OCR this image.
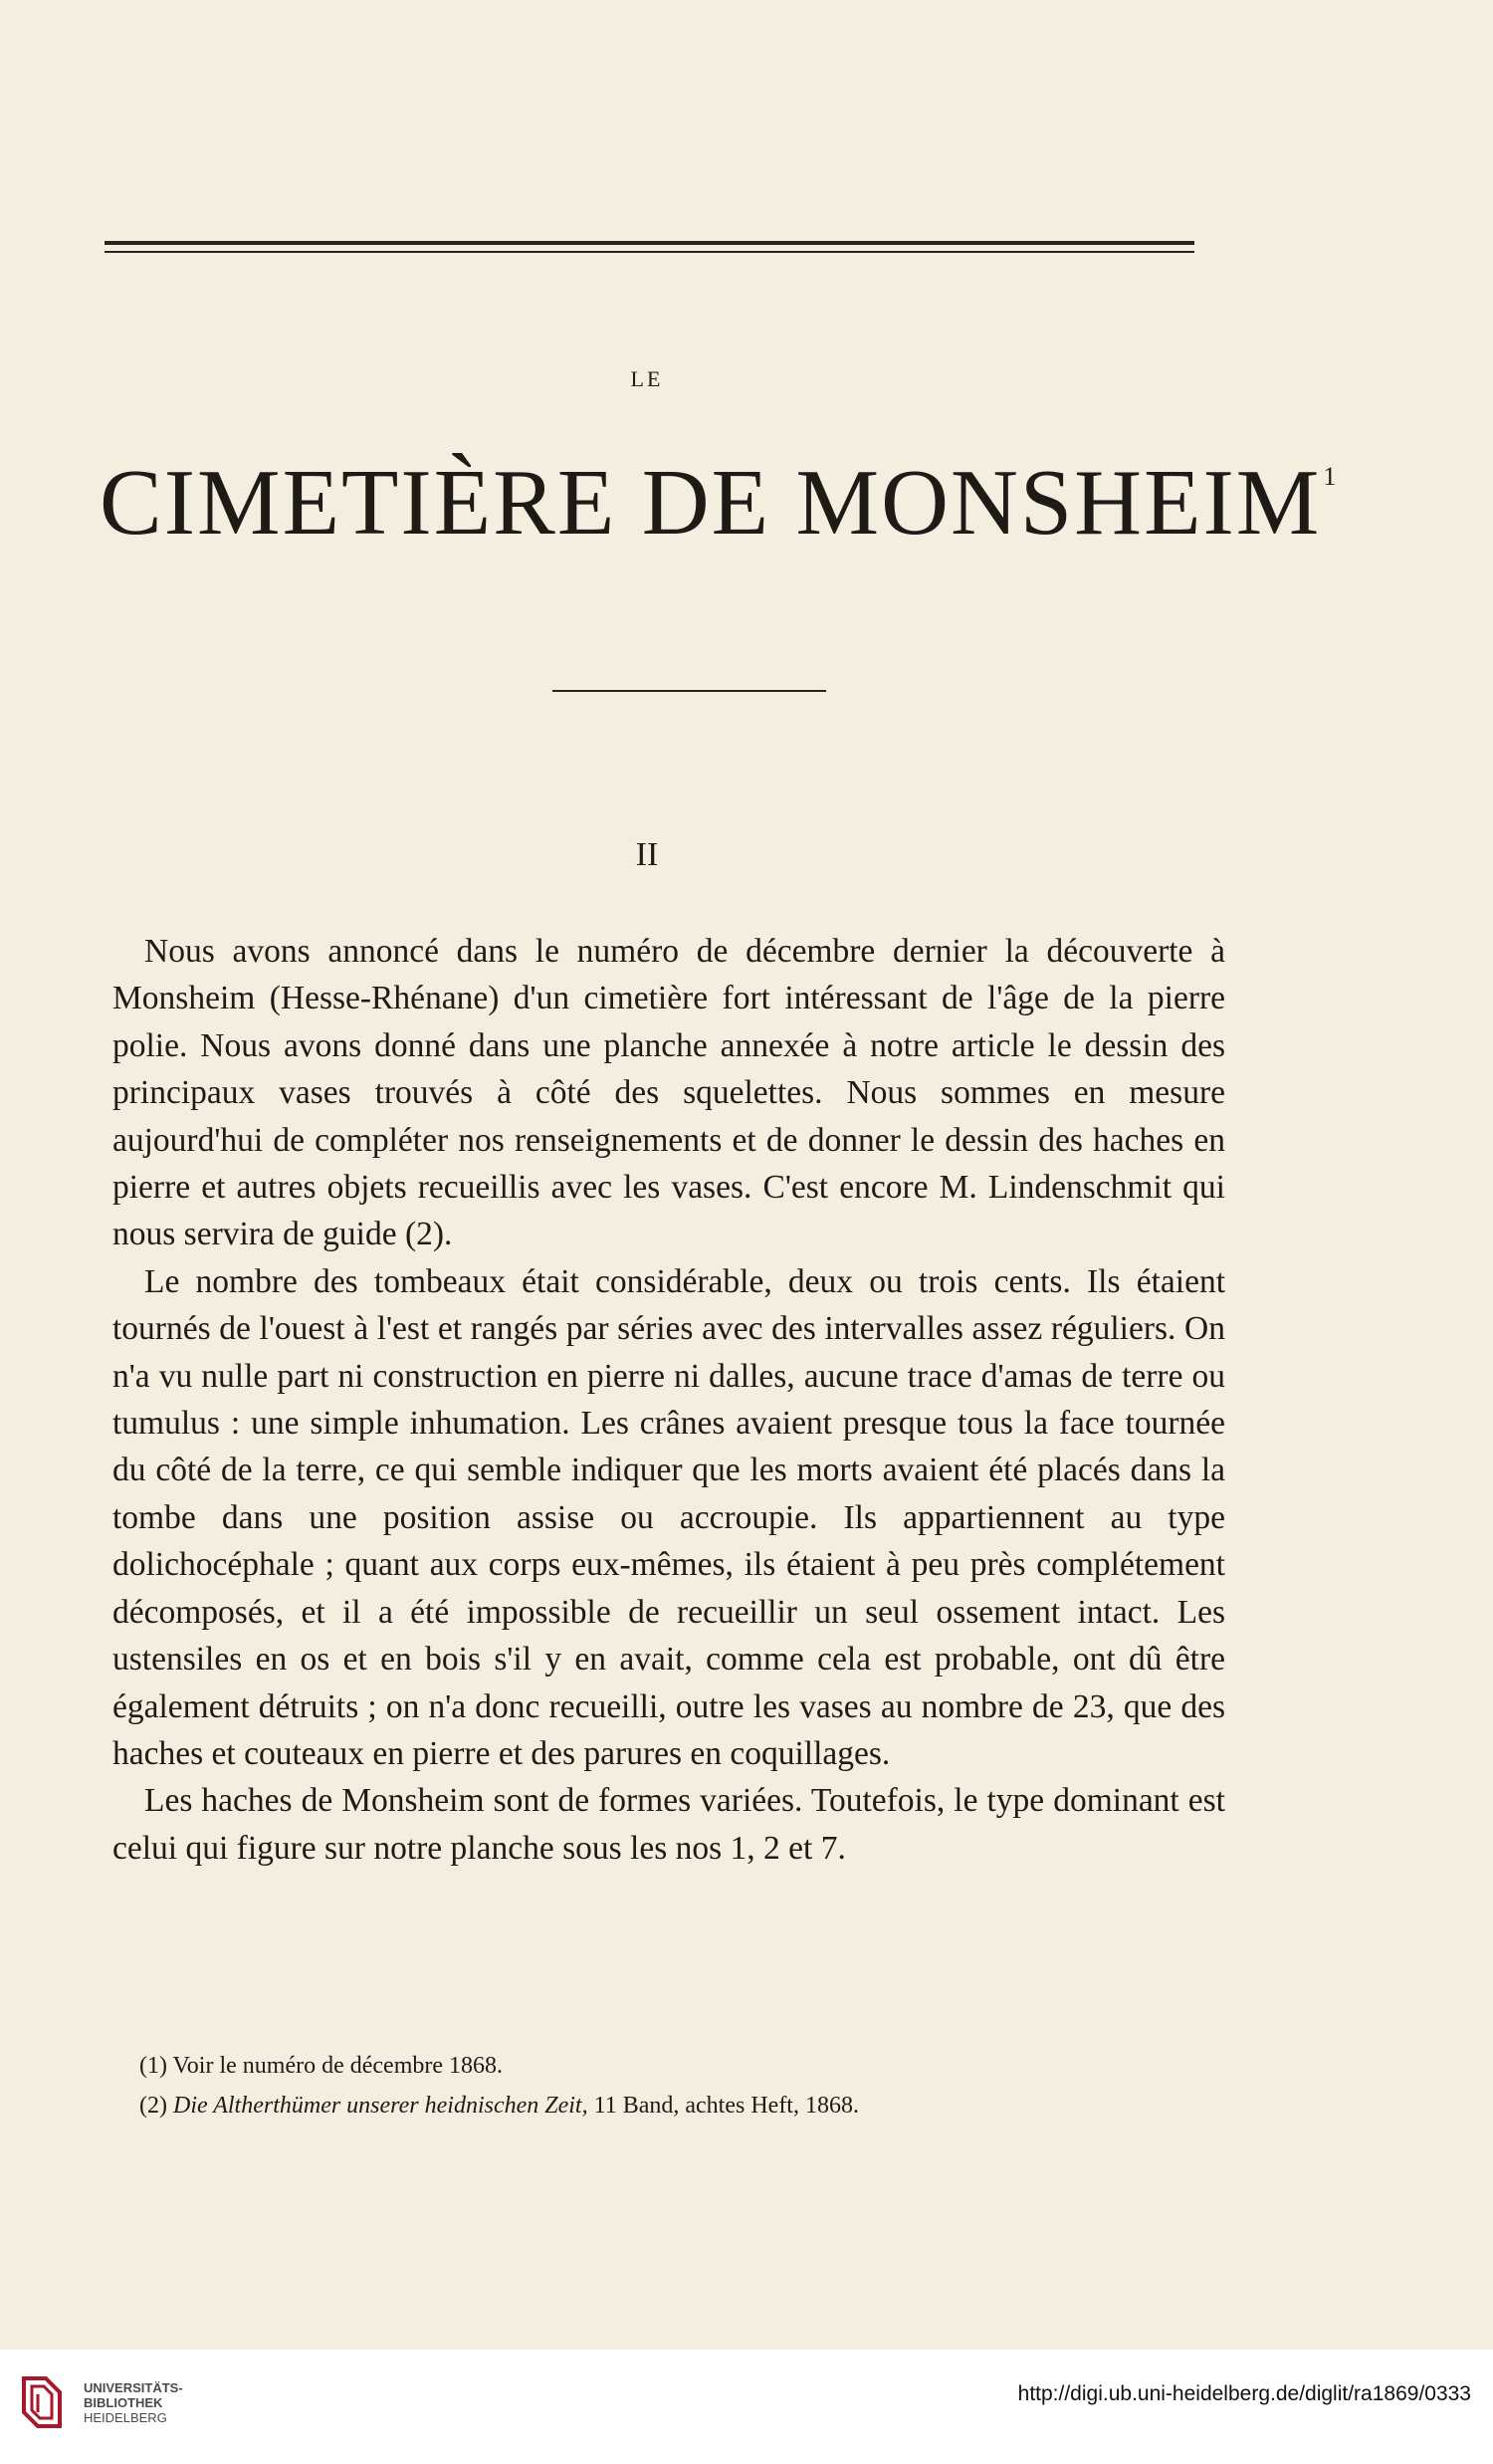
LE
CIMETIÈRE DE MONSHEIM$^1$
II

Nous avons annoncé dans le numéro de décembre dernier la découverte à Monsheim (Hesse-Rhénane) d'un cimetière fort intéressant de l'âge de la pierre polie. Nous avons donné dans une planche annexée à notre article le dessin des principaux vases trouvés à côté des squelettes. Nous sommes en mesure aujourd'hui de compléter nos renseignements et de donner le dessin des haches en pierre et autres objets recueillis avec les vases. C'est encore M. Lindenschmit qui nous servira de guide (2).

Le nombre des tombeaux était considérable, deux ou trois cents. Ils étaient tournés de l'ouest à l'est et rangés par séries avec des intervalles assez réguliers. On n'a vu nulle part ni construction en pierre ni dalles, aucune trace d'amas de terre ou tumulus : une simple inhumation. Les crânes avaient presque tous la face tournée du côté de la terre, ce qui semble indiquer que les morts avaient été placés dans la tombe dans une position assise ou accroupie. Ils appartiennent au type dolichocéphale ; quant aux corps eux-mêmes, ils étaient à peu près complétement décomposés, et il a été impossible de recueillir un seul ossement intact. Les ustensiles en os et en bois s'il y en avait, comme cela est probable, ont dû être également détruits ; on n'a donc recueilli, outre les vases au nombre de 23, que des haches et couteaux en pierre et des parures en coquillages.

Les haches de Monsheim sont de formes variées. Toutefois, le type dominant est celui qui figure sur notre planche sous les nos 1, 2 et 7.

(1) Voir le numéro de décembre 1868.
(2) Die Altherthümer unserer heidnischen Zeit, 11 Band, achtes Heft, 1868.
UNIVERSITÄTS-
BIBLIOTHEK
HEIDELBERG
http://digi.ub.uni-heidelberg.de/diglit/ra1869/0333
